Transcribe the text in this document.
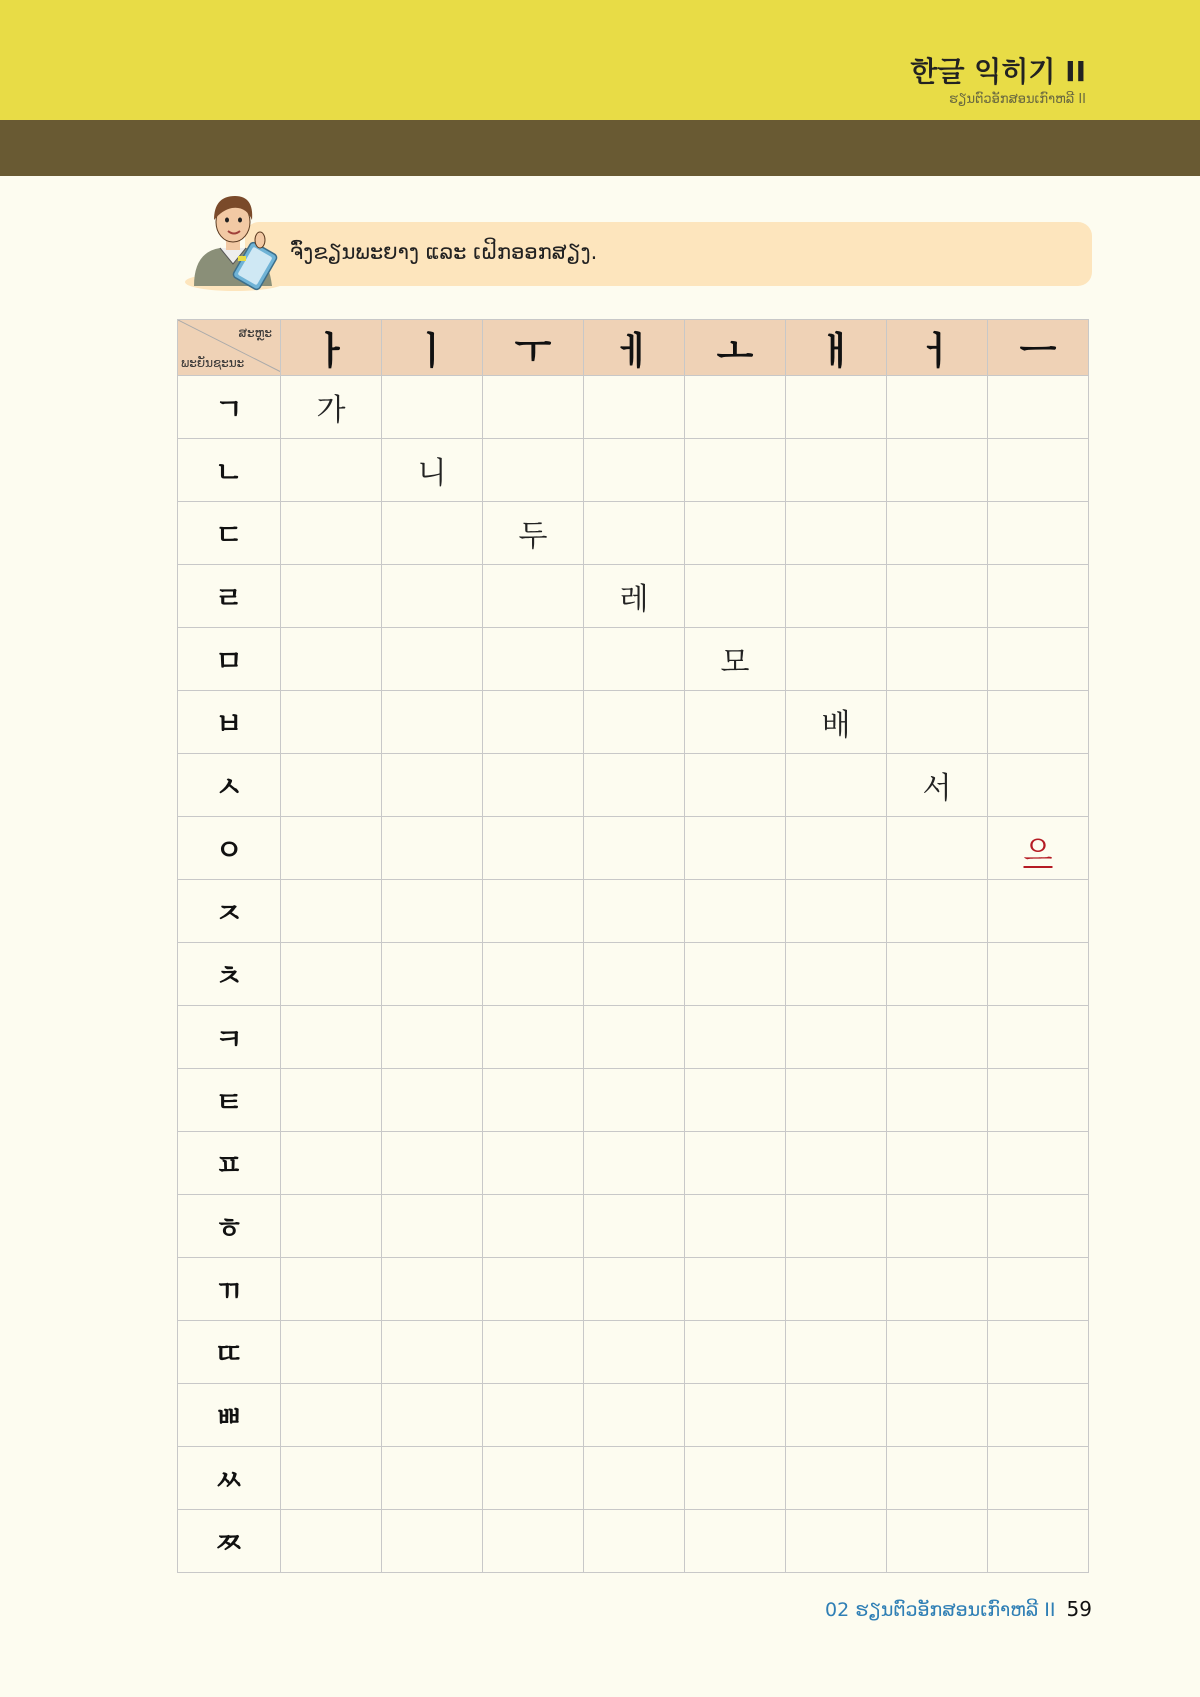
한글 익히기 II
ຮຽນຕົວອັກສອນເກົາຫລີ II
ຈົ່ງຂຽນພະຍາງ ແລະ ເຝິກອອກສຽງ.
ສະຫຼະ
ພະຍັນຊະນະ	ㅏ	ㅣ	ㅜ	ㅔ	ㅗ	ㅐ	ㅓ	ㅡ
ㄱ	가							
ㄴ		니						
ㄷ			두					
ㄹ				레				
ㅁ					모			
ㅂ						배		
ㅅ							서	
ㅇ								으
ㅈ								
ㅊ								
ㅋ								
ㅌ								
ㅍ								
ㅎ								
ㄲ								
ㄸ								
ㅃ								
ㅆ								
ㅉ								
02 ຮຽນຕົວອັກສອນເກົາຫລີ II 59
